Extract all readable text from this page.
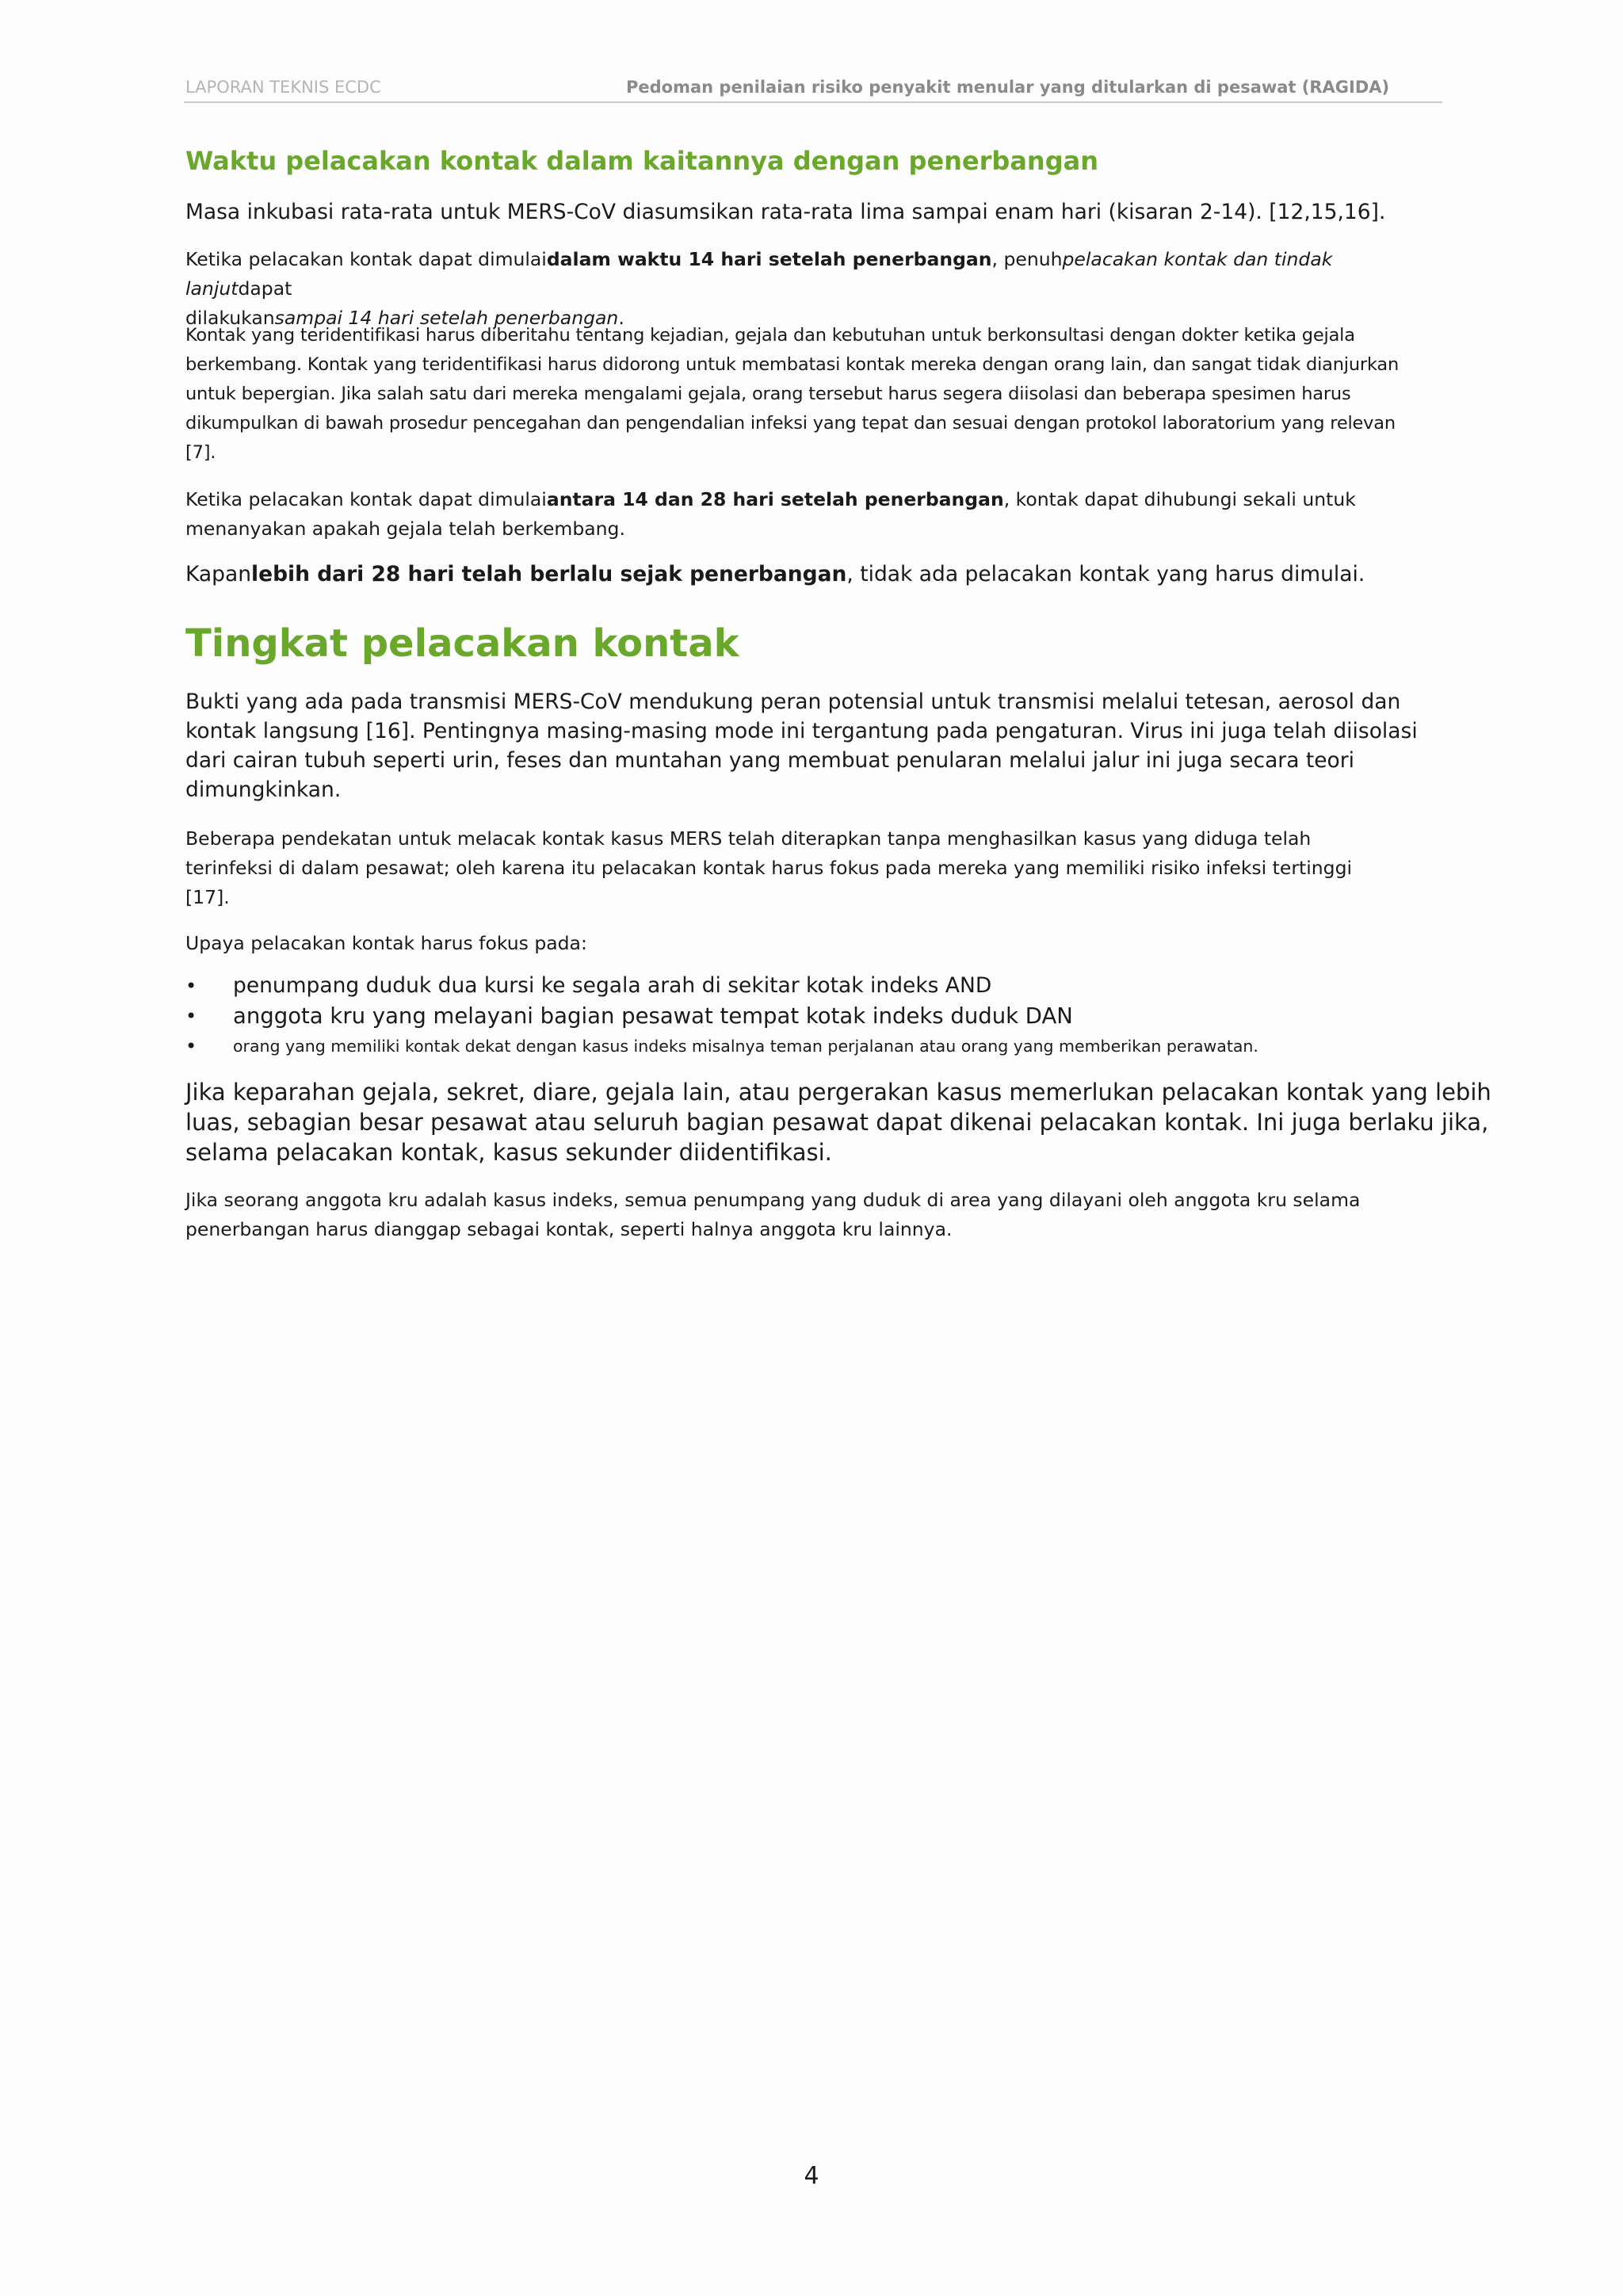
LAPORAN TEKNIS ECDC	Pedoman penilaian risiko penyakit menular yang ditularkan di pesawat (RAGIDA)
Waktu pelacakan kontak dalam kaitannya dengan penerbangan

Masa inkubasi rata-rata untuk MERS-CoV diasumsikan rata-rata lima sampai enam hari (kisaran 2-14). [12,15,16].

Ketika pelacakan kontak dapat dimulaidalam waktu 14 hari setelah penerbangan, penuhpelacakan kontak dan tindak lanjutdapat
dilakukansampai 14 hari setelah penerbangan.

Kontak yang teridentifikasi harus diberitahu tentang kejadian, gejala dan kebutuhan untuk berkonsultasi dengan dokter ketika gejala
berkembang. Kontak yang teridentifikasi harus didorong untuk membatasi kontak mereka dengan orang lain, dan sangat tidak dianjurkan
untuk bepergian. Jika salah satu dari mereka mengalami gejala, orang tersebut harus segera diisolasi dan beberapa spesimen harus
dikumpulkan di bawah prosedur pencegahan dan pengendalian infeksi yang tepat dan sesuai dengan protokol laboratorium yang relevan
[7].
Ketika pelacakan kontak dapat dimulaiantara 14 dan 28 hari setelah penerbangan, kontak dapat dihubungi sekali untuk
menanyakan apakah gejala telah berkembang.

Kapanlebih dari 28 hari telah berlalu sejak penerbangan, tidak ada pelacakan kontak yang harus dimulai.

Tingkat pelacakan kontak
Bukti yang ada pada transmisi MERS-CoV mendukung peran potensial untuk transmisi melalui tetesan, aerosol dan
kontak langsung [16]. Pentingnya masing-masing mode ini tergantung pada pengaturan. Virus ini juga telah diisolasi
dari cairan tubuh seperti urin, feses dan muntahan yang membuat penularan melalui jalur ini juga secara teori
dimungkinkan.
Beberapa pendekatan untuk melacak kontak kasus MERS telah diterapkan tanpa menghasilkan kasus yang diduga telah
terinfeksi di dalam pesawat; oleh karena itu pelacakan kontak harus fokus pada mereka yang memiliki risiko infeksi tertinggi
[17].

Upaya pelacakan kontak harus fokus pada:

• penumpang duduk dua kursi ke segala arah di sekitar kotak indeks AND
• anggota kru yang melayani bagian pesawat tempat kotak indeks duduk DAN
• orang yang memiliki kontak dekat dengan kasus indeks misalnya teman perjalanan atau orang yang memberikan perawatan.
Jika keparahan gejala, sekret, diare, gejala lain, atau pergerakan kasus memerlukan pelacakan kontak yang lebih
luas, sebagian besar pesawat atau seluruh bagian pesawat dapat dikenai pelacakan kontak. Ini juga berlaku jika,
selama pelacakan kontak, kasus sekunder diidentifikasi.
Jika seorang anggota kru adalah kasus indeks, semua penumpang yang duduk di area yang dilayani oleh anggota kru selama
penerbangan harus dianggap sebagai kontak, seperti halnya anggota kru lainnya.
4
